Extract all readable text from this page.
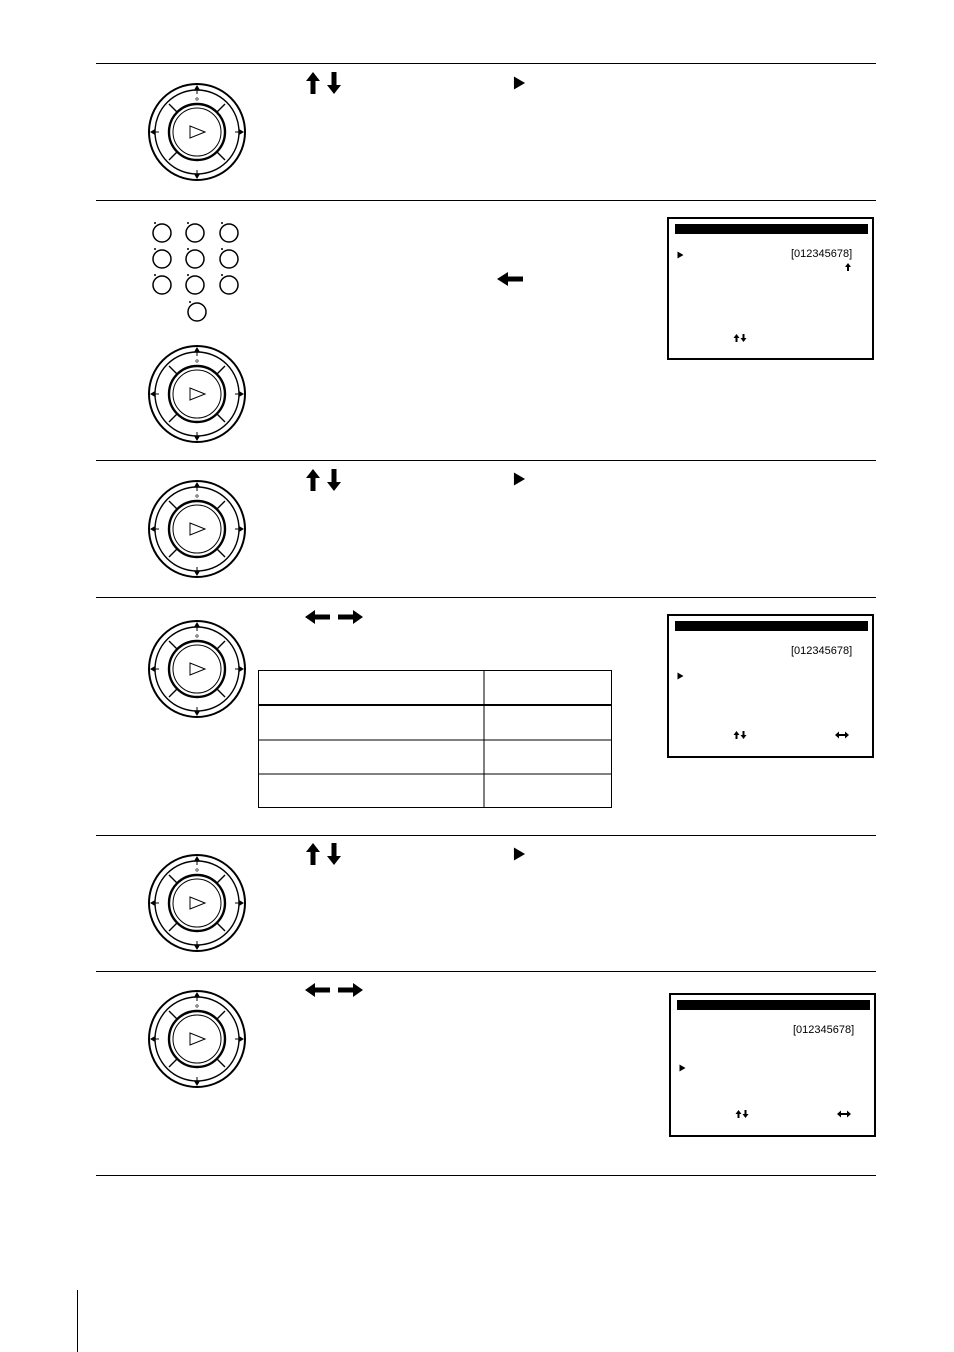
[012345678]
[012345678]
[012345678]
